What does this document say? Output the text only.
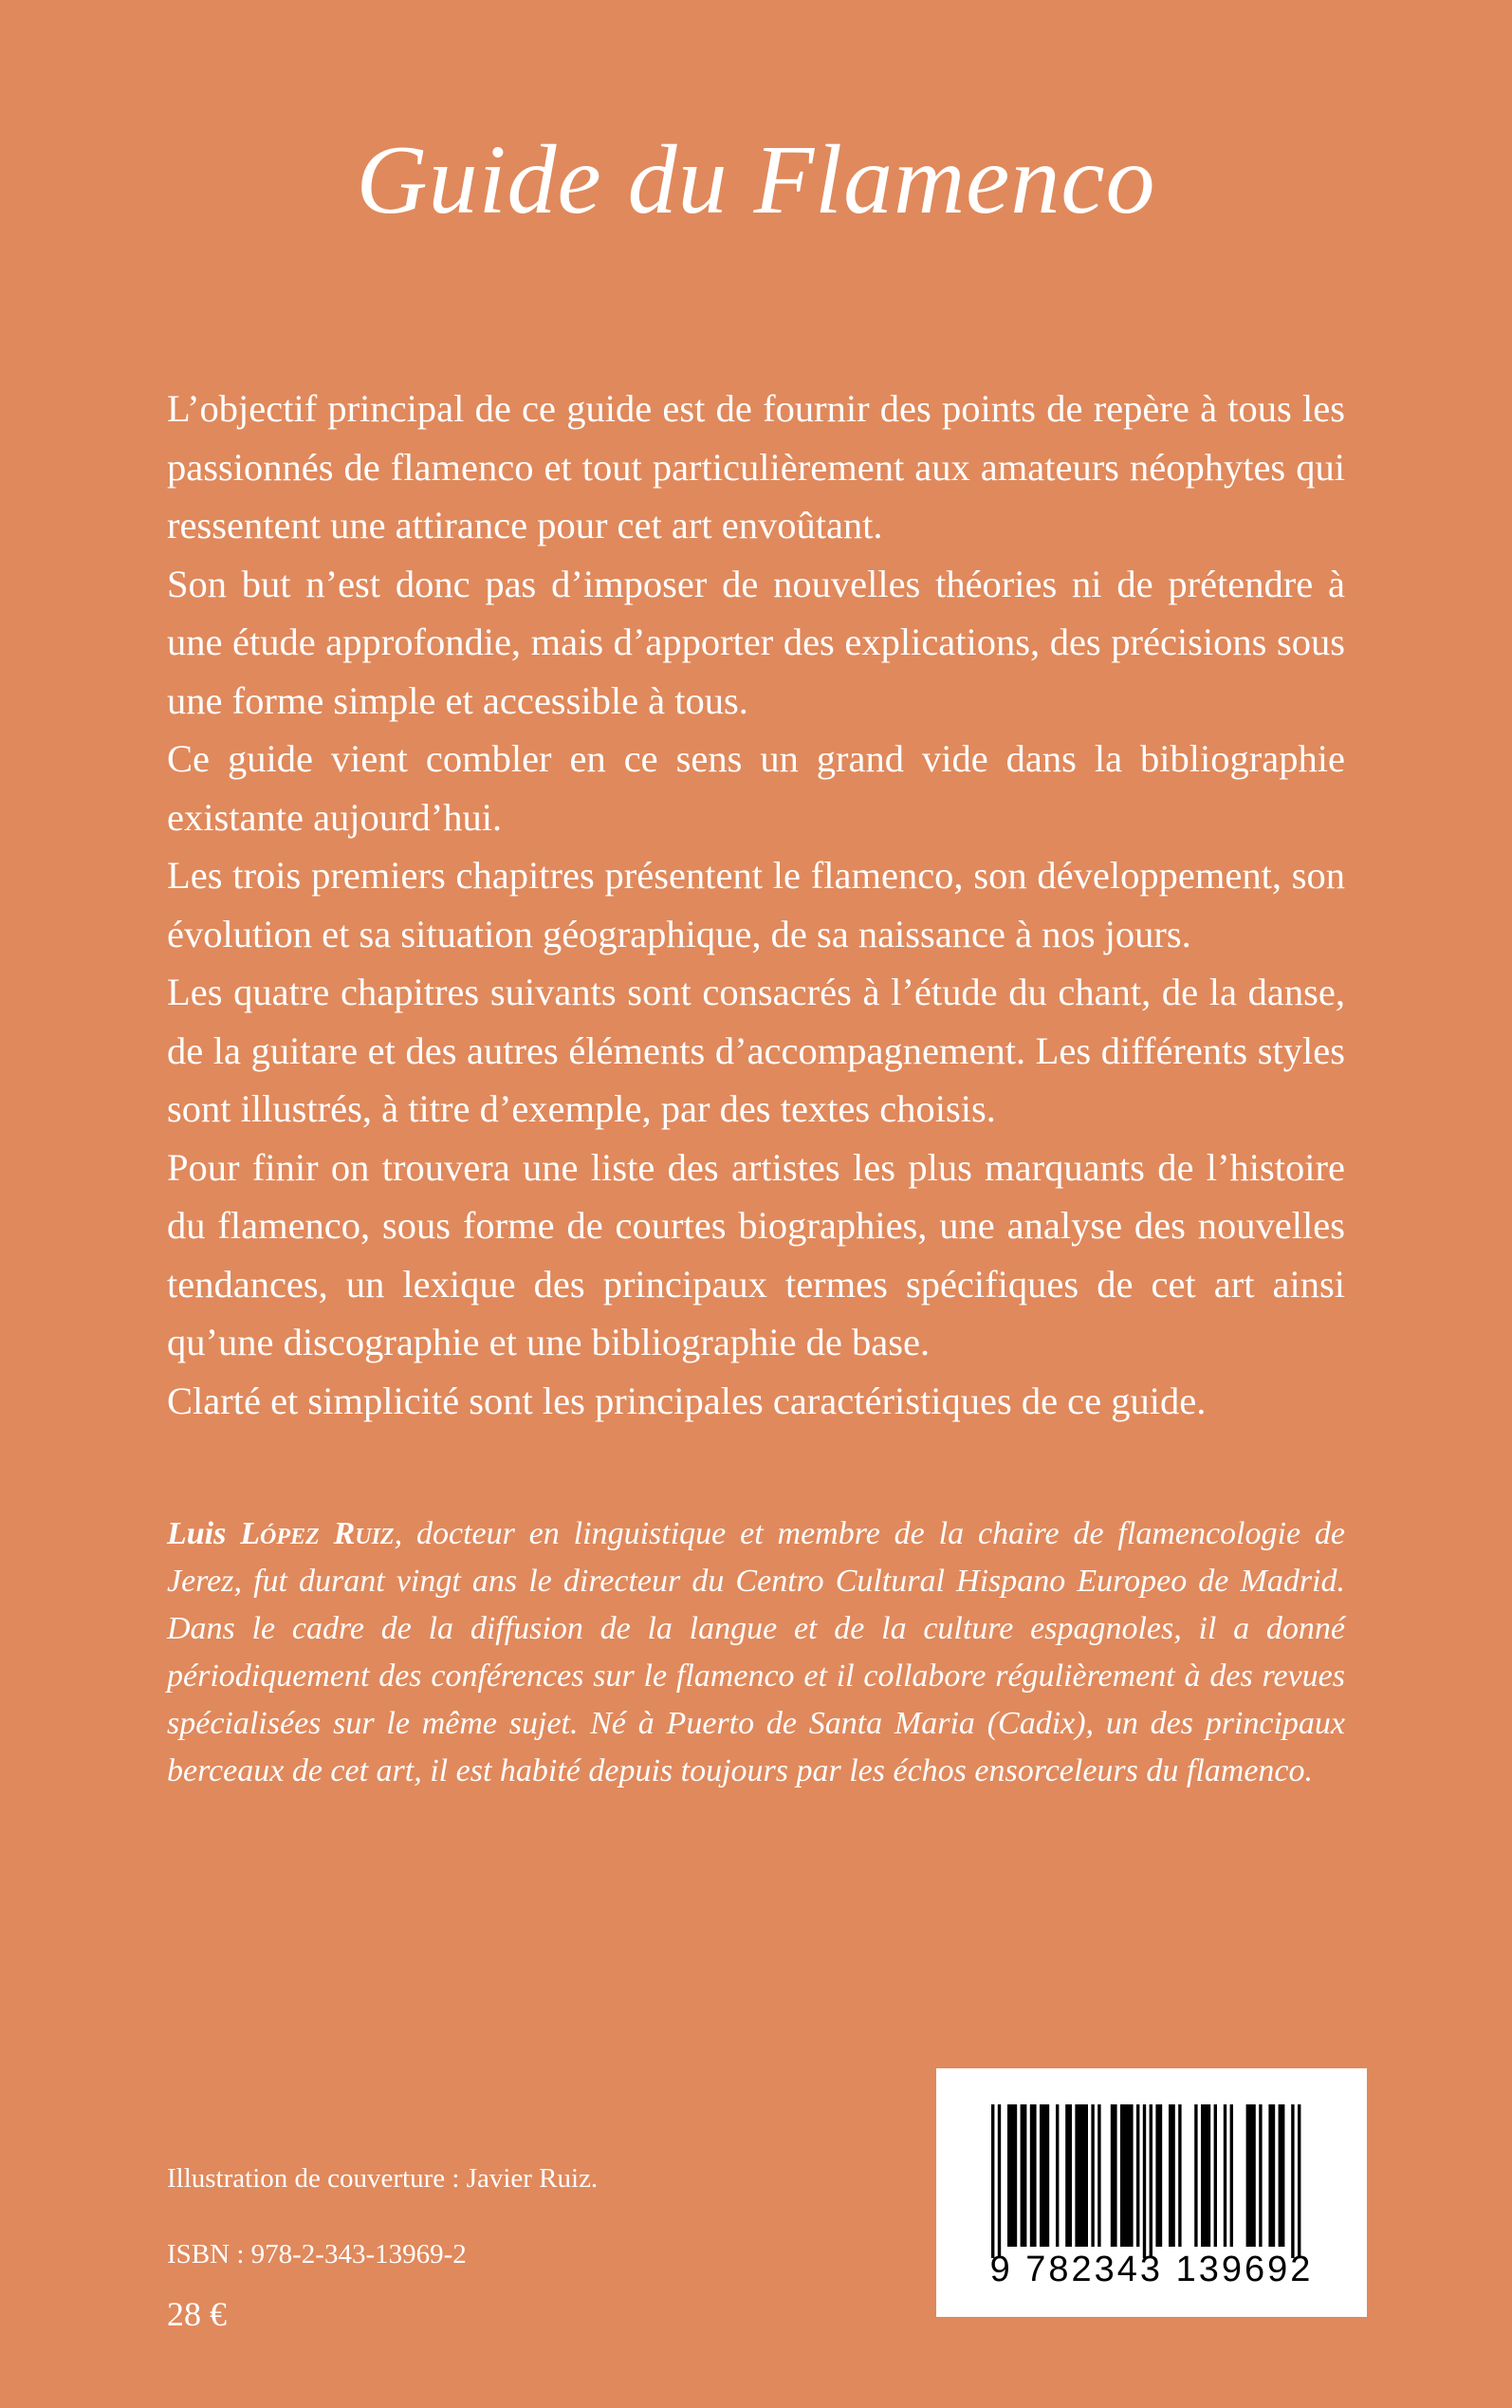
Guide du Flamenco

L’objectif principal de ce guide est de fournir des points de repère à tous les passionnés de flamenco et tout particulièrement aux amateurs néophytes qui ressentent une attirance pour cet art envoûtant.

Son but n’est donc pas d’imposer de nouvelles théories ni de prétendre à une étude approfondie, mais d’apporter des explications, des précisions sous une forme simple et accessible à tous.

Ce guide vient combler en ce sens un grand vide dans la bibliographie existante aujourd’hui.

Les trois premiers chapitres présentent le flamenco, son développement, son évolution et sa situation géographique, de sa naissance à nos jours.

Les quatre chapitres suivants sont consacrés à l’étude du chant, de la danse, de la guitare et des autres éléments d’accompagnement. Les différents styles sont illustrés, à titre d’exemple, par des textes choisis.

Pour finir on trouvera une liste des artistes les plus marquants de l’histoire du flamenco, sous forme de courtes biographies, une analyse des nouvelles tendances, un lexique des principaux termes spécifiques de cet art ainsi qu’une discographie et une bibliographie de base.

Clarté et simplicité sont les principales caractéristiques de ce guide.

Luis López Ruiz, docteur en linguistique et membre de la chaire de flamencologie de Jerez, fut durant vingt ans le directeur du Centro Cultural Hispano Europeo de Madrid. Dans le cadre de la diffusion de la langue et de la culture espagnoles, il a donné périodiquement des conférences sur le flamenco et il collabore régulièrement à des revues spécialisées sur le même sujet. Né à Puerto de Santa Maria (Cadix), un des principaux berceaux de cet art, il est habité depuis toujours par les échos ensorceleurs du flamenco.
Illustration de couverture : Javier Ruiz.
ISBN : 978-2-343-13969-2
28 €
9 782343 139692
